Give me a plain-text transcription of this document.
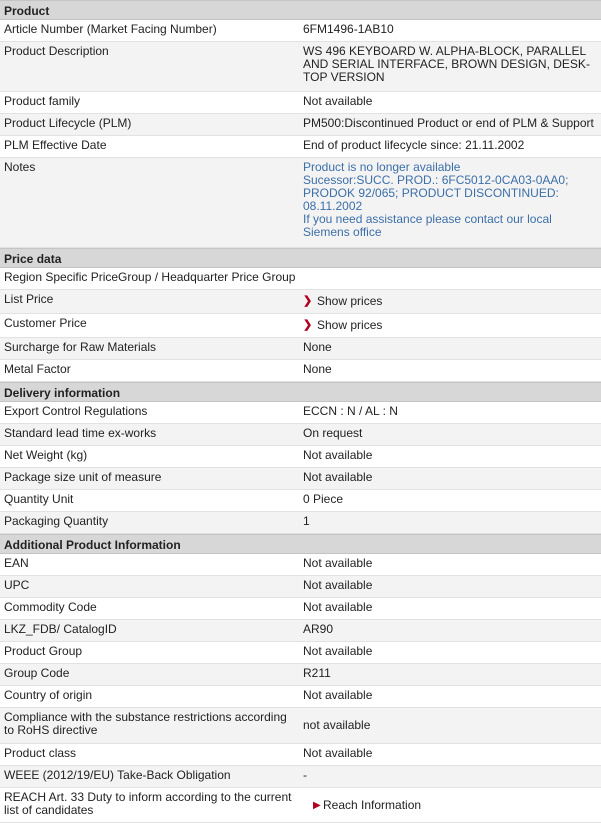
Product
Article Number (Market Facing Number)	6FM1496-1AB10
Product Description	WS 496 KEYBOARD W. ALPHA-BLOCK, PARALLEL AND SERIAL INTERFACE, BROWN DESIGN, DESK-TOP VERSION
Product family	Not available
Product Lifecycle (PLM)	PM500:Discontinued Product or end of PLM & Support
PLM Effective Date	End of product lifecycle since: 21.11.2002
Notes	Product is no longer available
Sucessor:SUCC. PROD.: 6FC5012-0CA03-0AA0; PRODOK 92/065; PRODUCT DISCONTINUED: 08.11.2002
If you need assistance please contact our local Siemens office
Price data
Region Specific PriceGroup / Headquarter Price Group
List Price	❯ Show prices
Customer Price	❯ Show prices
Surcharge for Raw Materials	None
Metal Factor	None
Delivery information
Export Control Regulations	ECCN : N / AL : N
Standard lead time ex-works	On request
Net Weight (kg)	Not available
Package size unit of measure	Not available
Quantity Unit	0 Piece
Packaging Quantity	1
Additional Product Information
EAN	Not available
UPC	Not available
Commodity Code	Not available
LKZ_FDB/ CatalogID	AR90
Product Group	Not available
Group Code	R211
Country of origin	Not available
Compliance with the substance restrictions according to RoHS directive	not available
Product class	Not available
WEEE (2012/19/EU) Take-Back Obligation	-
REACH Art. 33 Duty to inform according to the current list of candidates	▶ Reach Information
